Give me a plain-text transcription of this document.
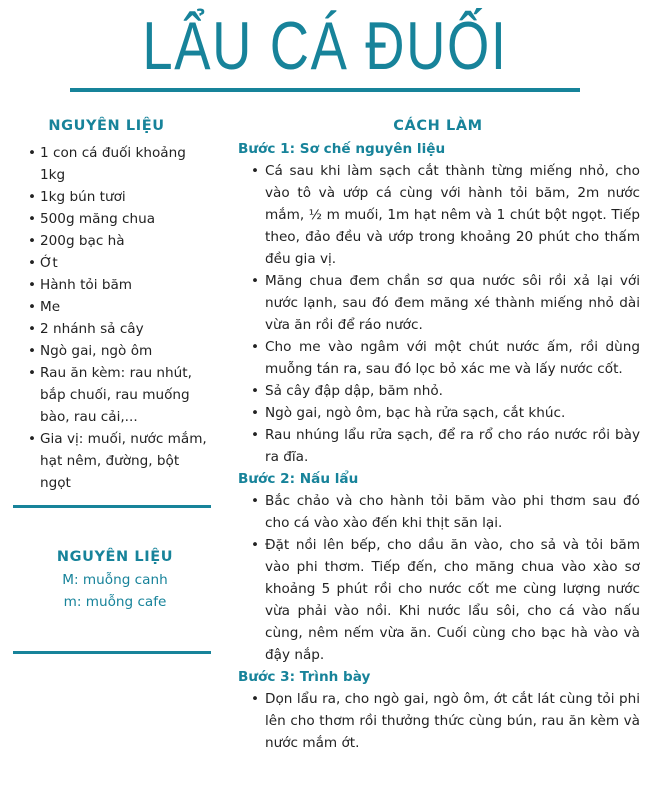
LẨU CÁ ĐUỐI
NGUYÊN LIỆU
• 1 con cá đuối khoảng 1kg
• 1kg bún tươi
• 500g măng chua
• 200g bạc hà
• Ớt
• Hành tỏi băm
• Me
• 2 nhánh sả cây
• Ngò gai, ngò ôm
• Rau ăn kèm: rau nhút, bắp chuối, rau muống bào, rau cải,...
• Gia vị: muối, nước mắm, hạt nêm, đường, bột ngọt
NGUYÊN LIỆU

M: muỗng canh

m: muỗng cafe

CÁCH LÀM

Bước 1: Sơ chế nguyên liệu

• Cá sau khi làm sạch cắt thành từng miếng nhỏ, cho vào tô và ướp cá cùng với hành tỏi băm, 2m nước mắm, ½ m muối, 1m hạt nêm và 1 chút bột ngọt. Tiếp theo, đảo đều và ướp trong khoảng 20 phút cho thấm đều gia vị.
• Măng chua đem chần sơ qua nước sôi rồi xả lại với nước lạnh, sau đó đem măng xé thành miếng nhỏ dài vừa ăn rồi để ráo nước.
• Cho me vào ngâm với một chút nước ấm, rồi dùng muỗng tán ra, sau đó lọc bỏ xác me và lấy nước cốt.
• Sả cây đập dập, băm nhỏ.
• Ngò gai, ngò ôm, bạc hà rửa sạch, cắt khúc.
• Rau nhúng lẩu rửa sạch, để ra rổ cho ráo nước rồi bày ra đĩa.

Bước 2: Nấu lẩu

• Bắc chảo và cho hành tỏi băm vào phi thơm sau đó cho cá vào xào đến khi thịt săn lại.
• Đặt nồi lên bếp, cho dầu ăn vào, cho sả và tỏi băm vào phi thơm. Tiếp đến, cho măng chua vào xào sơ khoảng 5 phút rồi cho nước cốt me cùng lượng nước vừa phải vào nồi. Khi nước lẩu sôi, cho cá vào nấu cùng, nêm nếm vừa ăn. Cuối cùng cho bạc hà vào và đậy nắp.

Bước 3: Trình bày

• Dọn lẩu ra, cho ngò gai, ngò ôm, ớt cắt lát cùng tỏi phi lên cho thơm rồi thưởng thức cùng bún, rau ăn kèm và nước mắm ớt.
